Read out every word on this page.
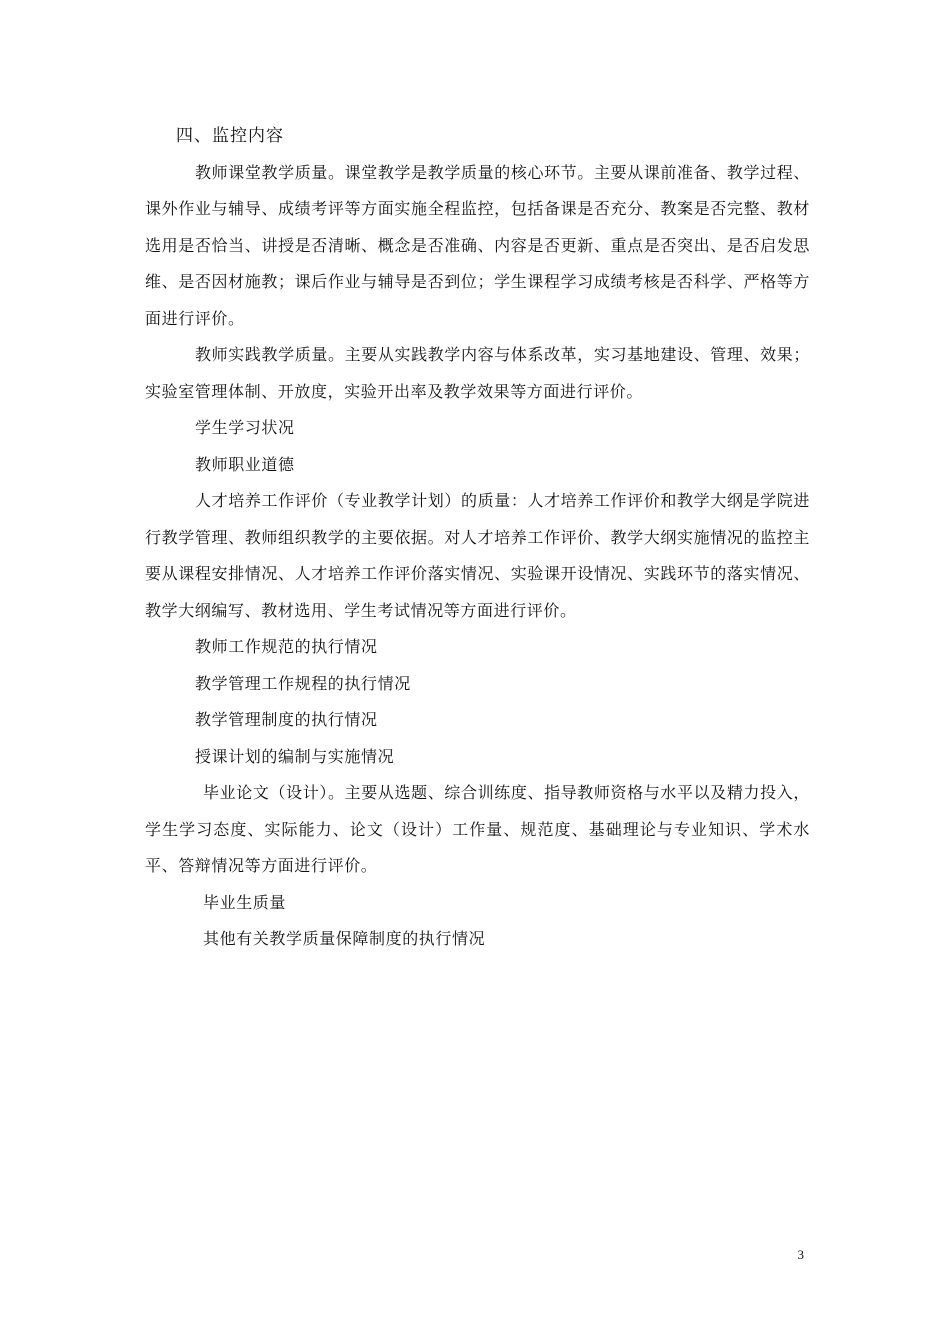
四、监控内容

教师课堂教学质量。课堂教学是教学质量的核心环节。主要从课前准备、教学过程、课外作业与辅导、成绩考评等方面实施全程监控，包括备课是否充分、教案是否完整、教材选用是否恰当、讲授是否清晰、概念是否准确、内容是否更新、重点是否突出、是否启发思维、是否因材施教；课后作业与辅导是否到位；学生课程学习成绩考核是否科学、严格等方面进行评价。

教师实践教学质量。主要从实践教学内容与体系改革，实习基地建设、管理、效果；实验室管理体制、开放度，实验开出率及教学效果等方面进行评价。

学生学习状况

教师职业道德

人才培养工作评价（专业教学计划）的质量：人才培养工作评价和教学大纲是学院进行教学管理、教师组织教学的主要依据。对人才培养工作评价、教学大纲实施情况的监控主要从课程安排情况、人才培养工作评价落实情况、实验课开设情况、实践环节的落实情况、教学大纲编写、教材选用、学生考试情况等方面进行评价。

教师工作规范的执行情况

教学管理工作规程的执行情况

教学管理制度的执行情况

授课计划的编制与实施情况

毕业论文（设计）。主要从选题、综合训练度、指导教师资格与水平以及精力投入，学生学习态度、实际能力、论文（设计）工作量、规范度、基础理论与专业知识、学术水平、答辩情况等方面进行评价。

毕业生质量

其他有关教学质量保障制度的执行情况

3
